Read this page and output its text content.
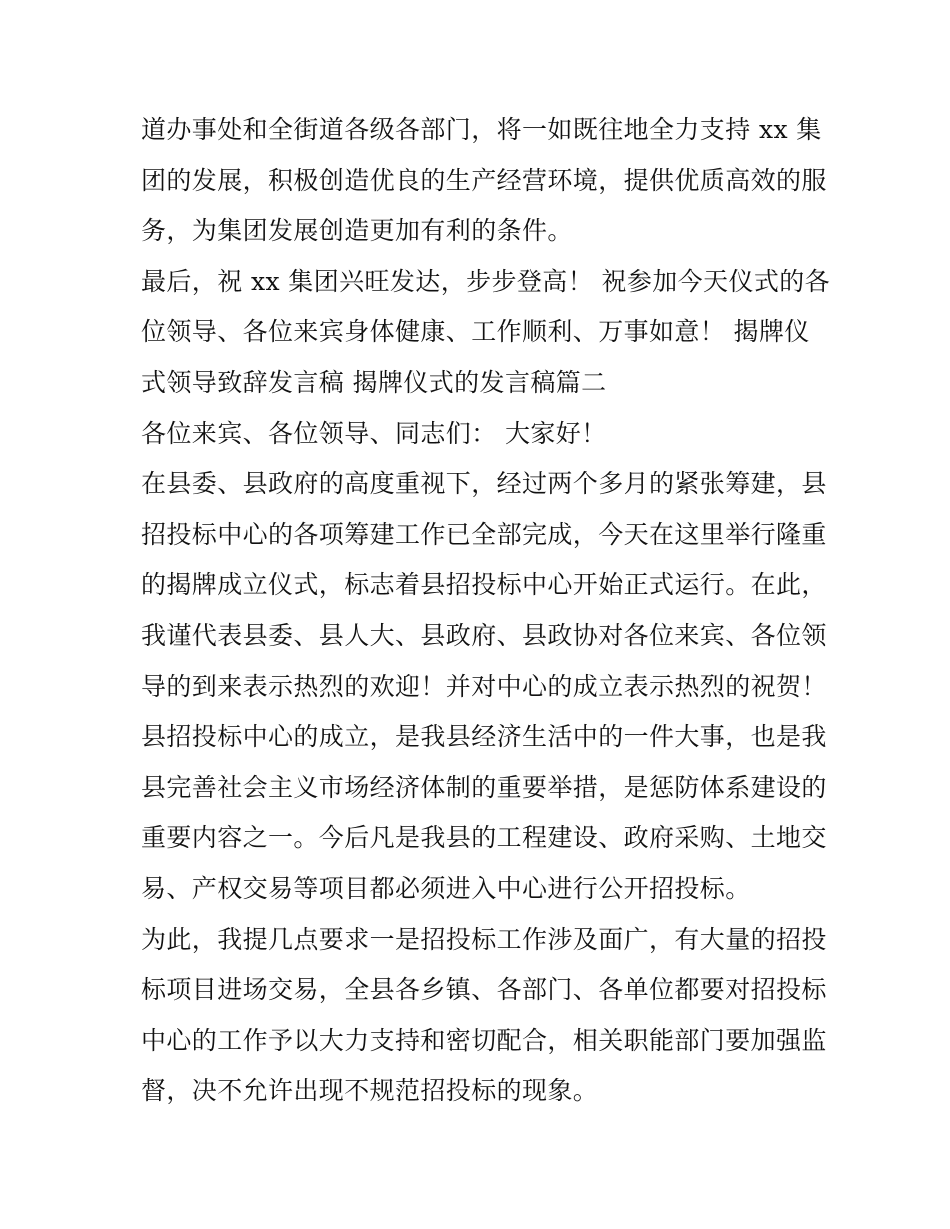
道办事处和全街道各级各部门，将一如既往地全力支持 xx 集
团的发展，积极创造优良的生产经营环境，提供优质高效的服
务，为集团发展创造更加有利的条件。

最后，祝 xx 集团兴旺发达，步步登高！ 祝参加今天仪式的各
位领导、各位来宾身体健康、工作顺利、万事如意！ 揭牌仪
式领导致辞发言稿 揭牌仪式的发言稿篇二

各位来宾、各位领导、同志们： 大家好！

在县委、县政府的高度重视下，经过两个多月的紧张筹建，县
招投标中心的各项筹建工作已全部完成，今天在这里举行隆重
的揭牌成立仪式，标志着县招投标中心开始正式运行。在此，
我谨代表县委、县人大、县政府、县政协对各位来宾、各位领
导的到来表示热烈的欢迎！并对中心的成立表示热烈的祝贺！

县招投标中心的成立，是我县经济生活中的一件大事，也是我
县完善社会主义市场经济体制的重要举措，是惩防体系建设的
重要内容之一。今后凡是我县的工程建设、政府采购、土地交
易、产权交易等项目都必须进入中心进行公开招投标。

为此，我提几点要求一是招投标工作涉及面广，有大量的招投
标项目进场交易，全县各乡镇、各部门、各单位都要对招投标
中心的工作予以大力支持和密切配合，相关职能部门要加强监
督，决不允许出现不规范招投标的现象。
